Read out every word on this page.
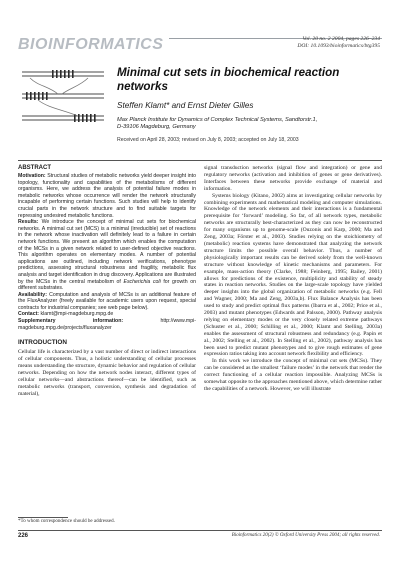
BIOINFORMATICS	Vol. 20 no. 2 2004, pages 226–234
DOI: 10.1093/bioinformatics/btg395
Minimal cut sets in biochemical reaction networks
Steffen Klamt* and Ernst Dieter Gilles
Max Planck Institute for Dynamics of Complex Technical Systems, Sandtorstr.1,
D-39106 Magdeburg, Germany
Received on April 28, 2003; revised on July 8, 2003; accepted on July 18, 2003
ABSTRACT

Motivation: Structural studies of metabolic networks yield deeper insight into topology, functionality and capabilities of the metabolisms of different organisms. Here, we address the analysis of potential failure modes in metabolic networks whose occurrence will render the network structurally incapable of performing certain functions. Such studies will help to identify crucial parts in the network structure and to find suitable targets for repressing undesired metabolic functions.

Results: We introduce the concept of minimal cut sets for biochemical networks. A minimal cut set (MCS) is a minimal (irreducible) set of reactions in the network whose inactivation will definitely lead to a failure in certain network functions. We present an algorithm which enables the computation of the MCSs in a given network related to user-defined objective reactions. This algorithm operates on elementary modes. A number of potential applications are outlined, including network verifications, phenotype predictions, assessing structural robustness and fragility, metabolic flux analysis and target identification in drug discovery. Applications are illustrated by the MCSs in the central metabolism of Escherichia coli for growth on different substrates.

Availability: Computation and analysis of MCSs is an additional feature of the FluxAnalyzer (freely available for academic users upon request, special contracts for industrial companies; see web page below).

Contact: klamt@mpi-magdeburg.mpg.de

Supplementary information:	http://www.mpi-magdeburg.mpg.de/projects/fluxanalyzer

INTRODUCTION

Cellular life is characterized by a vast number of direct or indirect interactions of cellular components. Thus, a holistic understanding of cellular processes means understanding the structure, dynamic behavior and regulation of cellular networks. Depending on how the network nodes interact, different types of cellular networks—and abstractions thereof—can be identified, such as metabolic networks (transport, conversion, synthesis and degradation of material),

signal transduction networks (signal flow and integration) or gene and regulatory networks (activation and inhibition of genes or gene derivatives). Interfaces between these networks provide exchange of material and information.

Systems biology (Kitano, 2002) aims at investigating cellular networks by combining experiments and mathematical modeling and computer simulations. Knowledge of the network elements and their interactions is a fundamental prerequisite for ‘forward’ modeling. So far, of all network types, metabolic networks are structurally best-characterized as they can now be reconstructed for many organisms up to genome-scale (Ouzonis and Karp, 2000; Ma and Zeng, 2003a; Förster et al., 2003). Studies relying on the stoichiometry of (metabolic) reaction systems have demonstrated that analyzing the network structure limits the possible overall behavior. Thus, a number of physiologically important results can be derived solely from the well-known structure without knowledge of kinetic mechanisms and parameters. For example, mass-action theory (Clarke, 1988; Feinberg, 1995; Bailey, 2001) allows for predictions of the existence, multiplicity and stability of steady states in reaction networks. Studies on the large-scale topology have yielded deeper insights into the global organization of metabolic networks (e.g. Fell and Wagner, 2000; Ma and Zeng, 2003a,b). Flux Balance Analysis has been used to study and predict optimal flux patterns (Ibarra et al., 2002; Price et al., 2003) and mutant phenotypes (Edwards and Palsson, 2000). Pathway analysis relying on elementary modes or the very closely related extreme pathways (Schuster et al., 2000; Schilling et al., 2000; Klamt and Stelling, 2003a) enables the assessment of structural robustness and redundancy (e.g. Papin et al., 2002; Stelling et al., 2002). In Stelling et al., 2002), pathway analysis has been used to predict mutant phenotypes and to give rough estimates of gene expression ratios taking into account network flexibility and efficiency.

In this work we introduce the concept of minimal cut sets (MCSs). They can be considered as the smallest ‘failure modes’ in the network that render the correct functioning of a cellular reaction impossible. Analyzing MCSs is somewhat opposite to the approaches mentioned above, which determine rather the capabilities of a network. However, we will illustrate

*To whom correspondence should be addressed.
226	Bioinformatics 20(2) © Oxford University Press 2004; all rights reserved.
